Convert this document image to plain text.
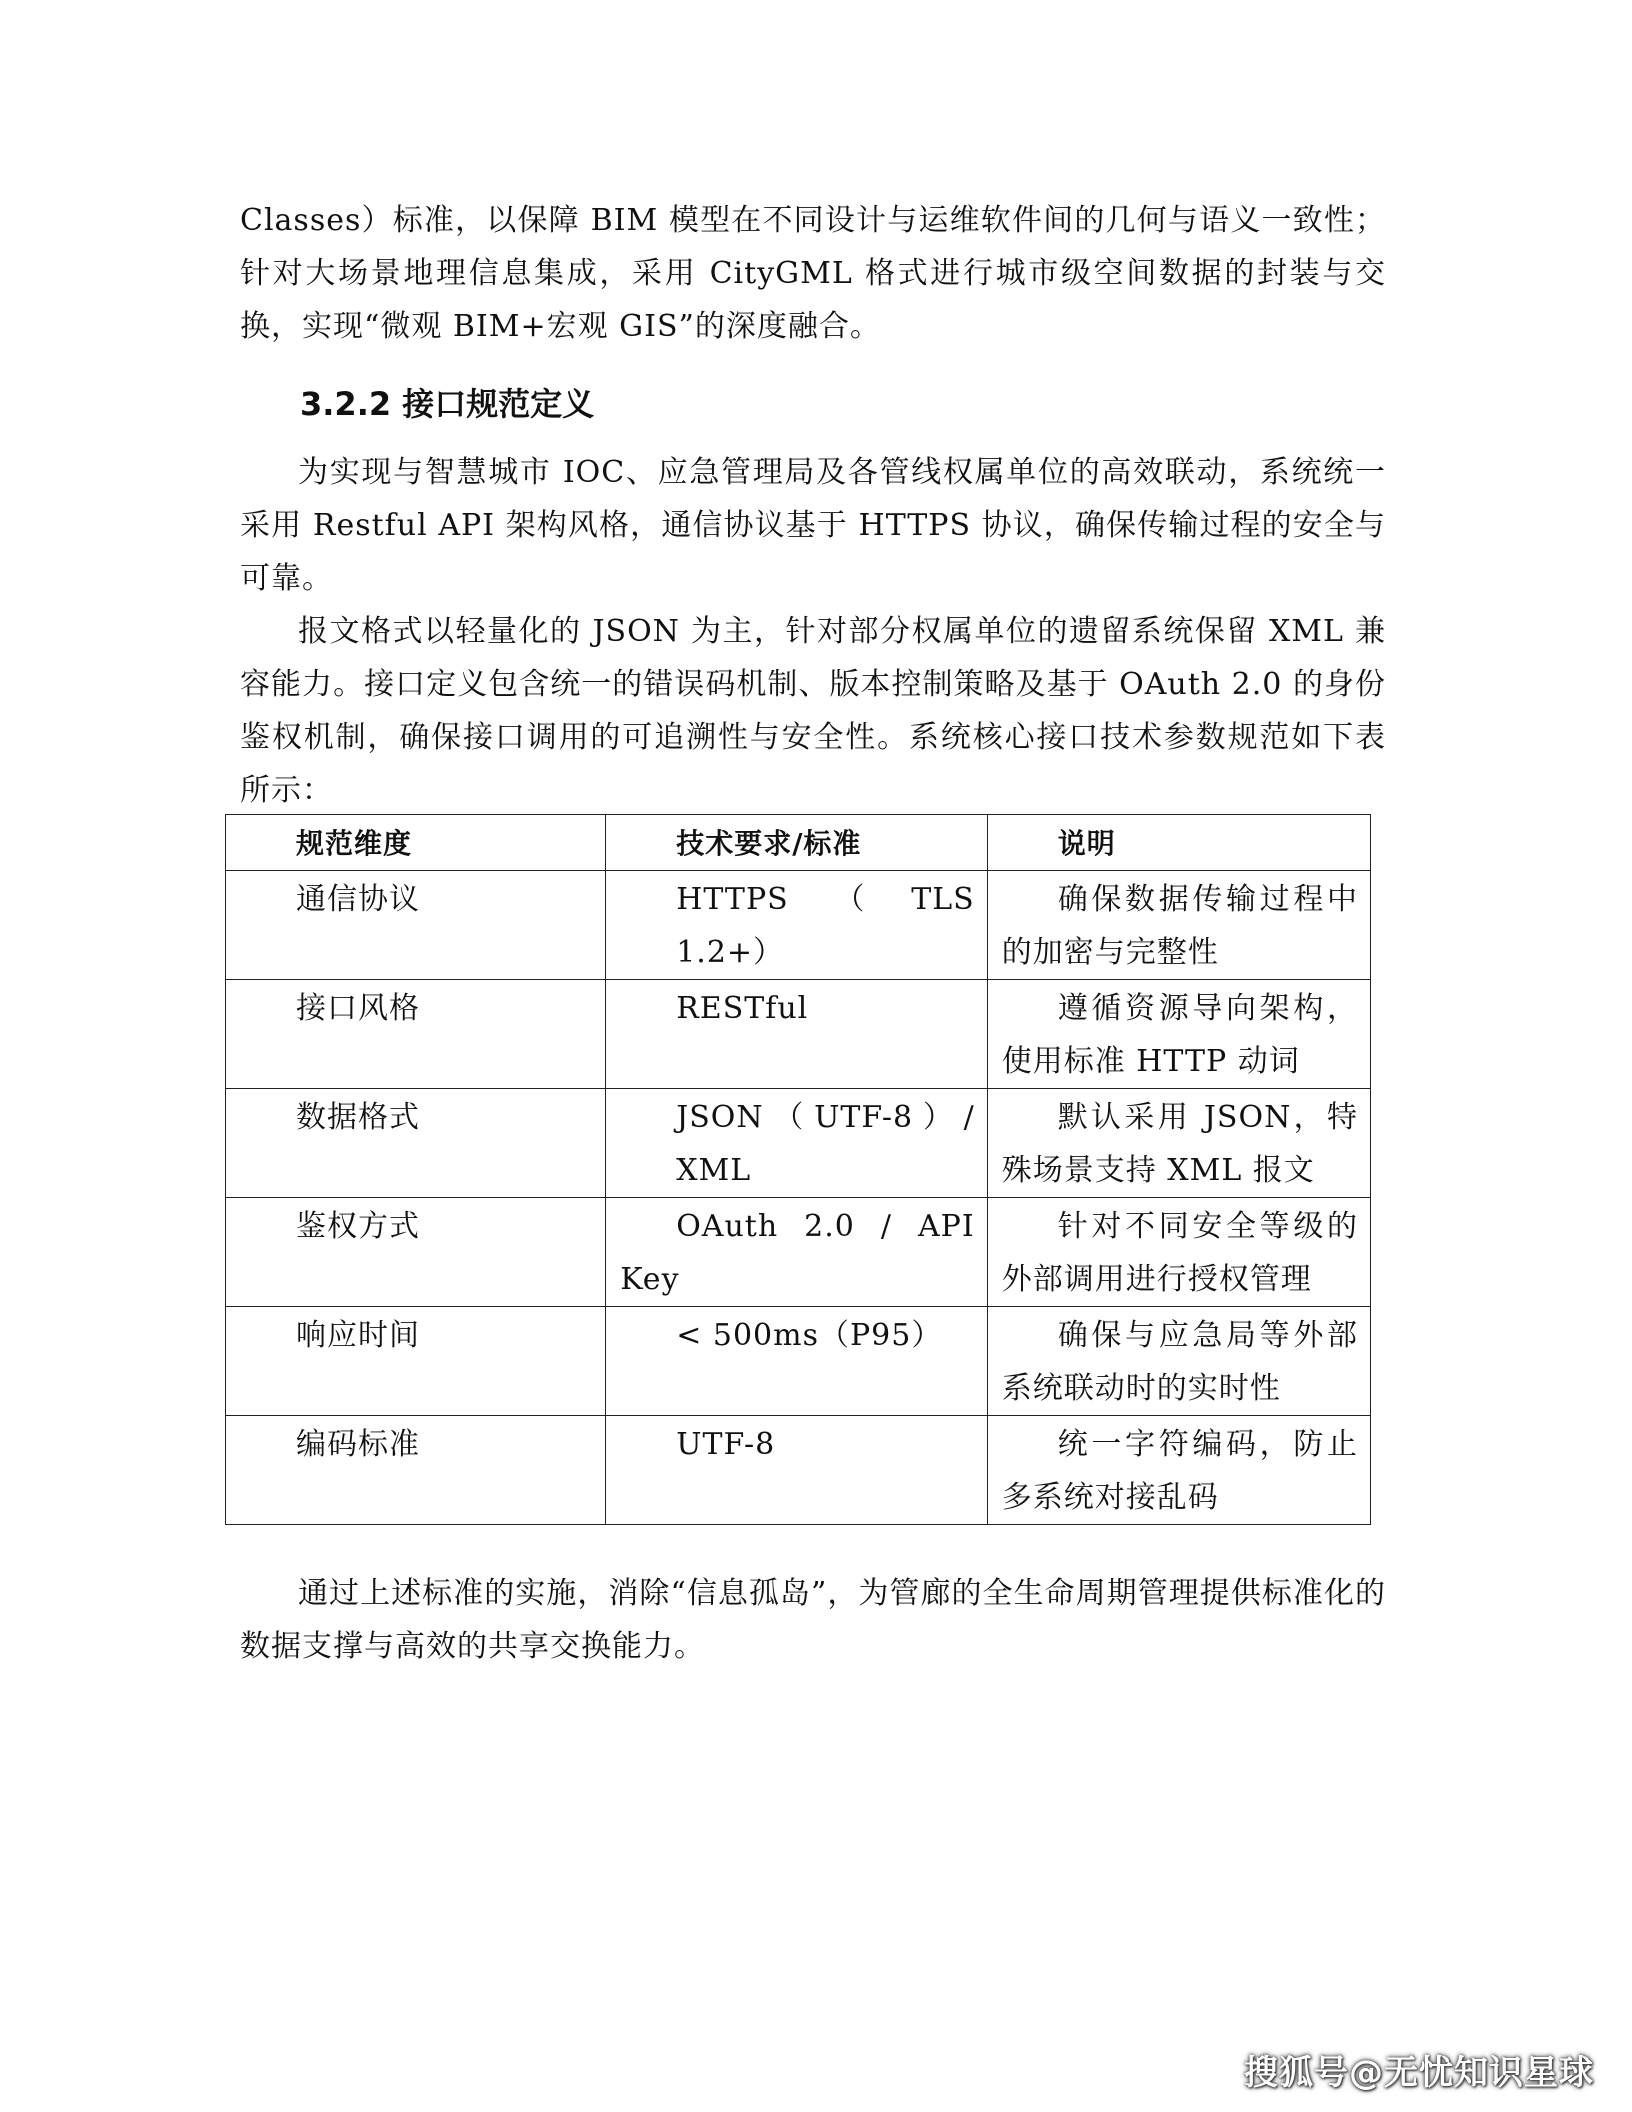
Classes）标准，以保障 BIM 模型在不同设计与运维软件间的几何与语义一致性；针对大场景地理信息集成，采用 CityGML 格式进行城市级空间数据的封装与交换，实现“微观 BIM+宏观 GIS”的深度融合。

3.2.2 接口规范定义

为实现与智慧城市 IOC、应急管理局及各管线权属单位的高效联动，系统统一采用 Restful API 架构风格，通信协议基于 HTTPS 协议，确保传输过程的安全与可靠。

报文格式以轻量化的 JSON 为主，针对部分权属单位的遗留系统保留 XML 兼容能力。接口定义包含统一的错误码机制、版本控制策略及基于 OAuth 2.0 的身份鉴权机制，确保接口调用的可追溯性与安全性。系统核心接口技术参数规范如下表所示：

规范维度	技术要求/标准	说明

通信协议	HTTPS（TLS 1.2+）	确保数据传输过程中的加密与完整性

接口风格	RESTful	遵循资源导向架构，使用标准 HTTP 动词

数据格式	JSON（UTF-8）/ XML	默认采用 JSON，特殊场景支持 XML 报文

鉴权方式	OAuth 2.0 / API Key	针对不同安全等级的外部调用进行授权管理

响应时间	< 500ms（P95）	确保与应急局等外部系统联动时的实时性

编码标准	UTF-8	统一字符编码，防止多系统对接乱码

通过上述标准的实施，消除“信息孤岛”，为管廊的全生命周期管理提供标准化的数据支撑与高效的共享交换能力。

搜狐号@无忧知识星球
